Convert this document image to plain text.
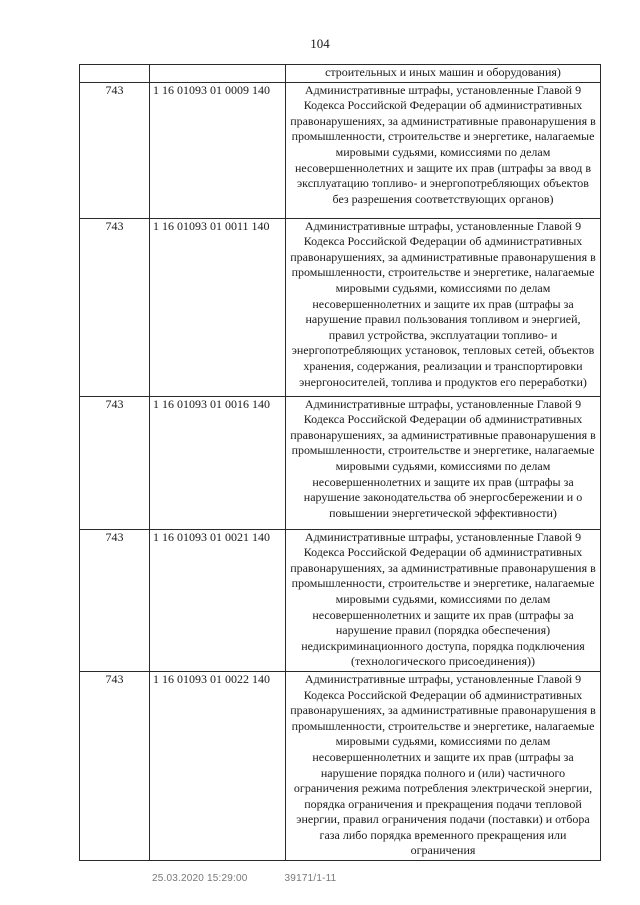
104
		строительных и иных машин и оборудования)
743	1 16 01093 01 0009 140	Административные штрафы, установленные Главой 9 Кодекса Российской Федерации об административных правонарушениях, за административные правонарушения в промышленности, строительстве и энергетике, налагаемые мировыми судьями, комиссиями по делам несовершеннолетних и защите их прав (штрафы за ввод в эксплуатацию топливо- и энергопотребляющих объектов без разрешения соответствующих органов)
743	1 16 01093 01 0011 140	Административные штрафы, установленные Главой 9 Кодекса Российской Федерации об административных правонарушениях, за административные правонарушения в промышленности, строительстве и энергетике, налагаемые мировыми судьями, комиссиями по делам несовершеннолетних и защите их прав (штрафы за нарушение правил пользования топливом и энергией, правил устройства, эксплуатации топливо- и энергопотребляющих установок, тепловых сетей, объектов хранения, содержания, реализации и транспортировки энергоносителей, топлива и продуктов его переработки)
743	1 16 01093 01 0016 140	Административные штрафы, установленные Главой 9 Кодекса Российской Федерации об административных правонарушениях, за административные правонарушения в промышленности, строительстве и энергетике, налагаемые мировыми судьями, комиссиями по делам несовершеннолетних и защите их прав (штрафы за нарушение законодательства об энергосбережении и о повышении энергетической эффективности)
743	1 16 01093 01 0021 140	Административные штрафы, установленные Главой 9 Кодекса Российской Федерации об административных правонарушениях, за административные правонарушения в промышленности, строительстве и энергетике, налагаемые мировыми судьями, комиссиями по делам несовершеннолетних и защите их прав (штрафы за нарушение правил (порядка обеспечения) недискриминационного доступа, порядка подключения (технологического присоединения))
743	1 16 01093 01 0022 140	Административные штрафы, установленные Главой 9 Кодекса Российской Федерации об административных правонарушениях, за административные правонарушения в промышленности, строительстве и энергетике, налагаемые мировыми судьями, комиссиями по делам несовершеннолетних и защите их прав (штрафы за нарушение порядка полного и (или) частичного ограничения режима потребления электрической энергии, порядка ограничения и прекращения подачи тепловой энергии, правил ограничения подачи (поставки) и отбора газа либо порядка временного прекращения или ограничения
25.03.2020 15:29:00	39171/1-11
